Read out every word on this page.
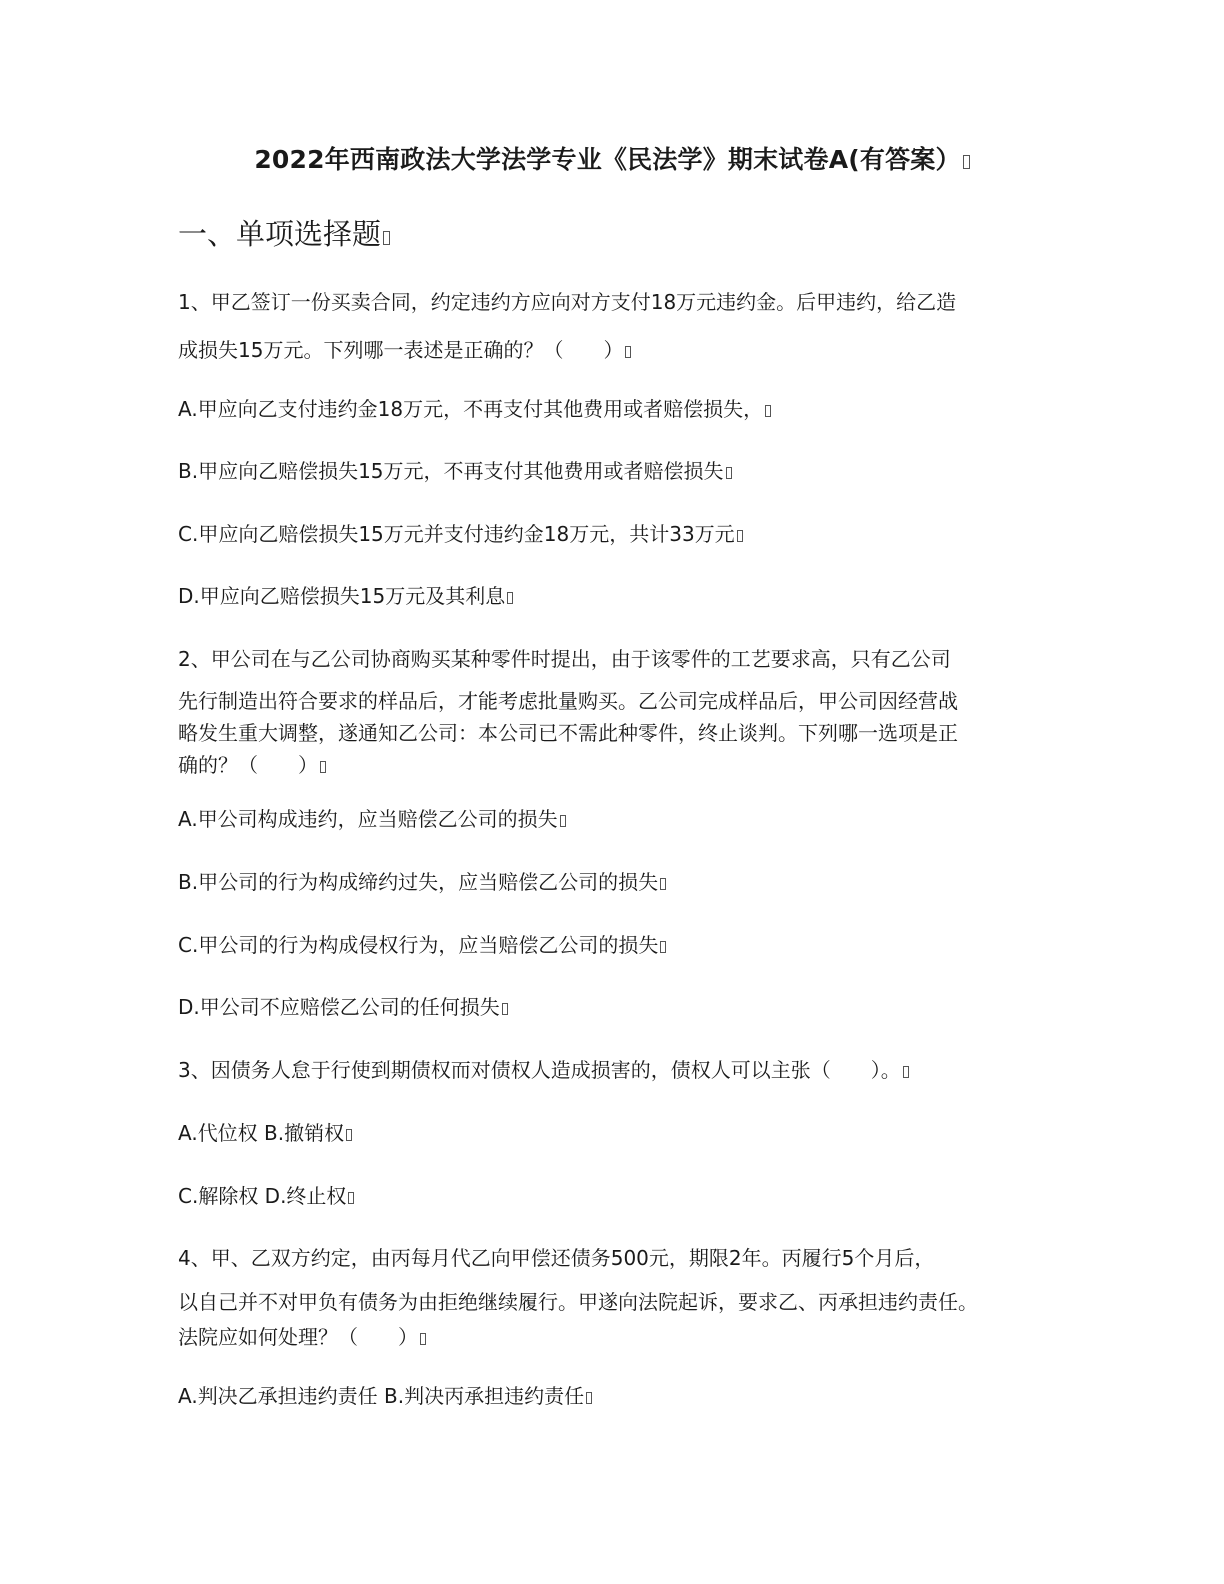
2022年西南政法大学法学专业《民法学》期末试卷A(有答案）
一、单项选择题
1、甲乙签订一份买卖合同，约定违约方应向对方支付18万元违约金。后甲违约，给乙造
成损失15万元。下列哪一表述是正确的？（　　）
A.甲应向乙支付违约金18万元，不再支付其他费用或者赔偿损失，
B.甲应向乙赔偿损失15万元，不再支付其他费用或者赔偿损失
C.甲应向乙赔偿损失15万元并支付违约金18万元，共计33万元
D.甲应向乙赔偿损失15万元及其利息
2、甲公司在与乙公司协商购买某种零件时提出，由于该零件的工艺要求高，只有乙公司
先行制造出符合要求的样品后，才能考虑批量购买。乙公司完成样品后，甲公司因经营战
略发生重大调整，遂通知乙公司：本公司已不需此种零件，终止谈判。下列哪一选项是正
确的？（　　）
A.甲公司构成违约，应当赔偿乙公司的损失
B.甲公司的行为构成缔约过失，应当赔偿乙公司的损失
C.甲公司的行为构成侵权行为，应当赔偿乙公司的损失
D.甲公司不应赔偿乙公司的任何损失
3、因债务人怠于行使到期债权而对债权人造成损害的，债权人可以主张（　　）。
A.代位权 B.撤销权
C.解除权 D.终止权
4、甲、乙双方约定，由丙每月代乙向甲偿还债务500元，期限2年。丙履行5个月后，
以自己并不对甲负有债务为由拒绝继续履行。甲遂向法院起诉，要求乙、丙承担违约责任。
法院应如何处理？（　　）
A.判决乙承担违约责任 B.判决丙承担违约责任
